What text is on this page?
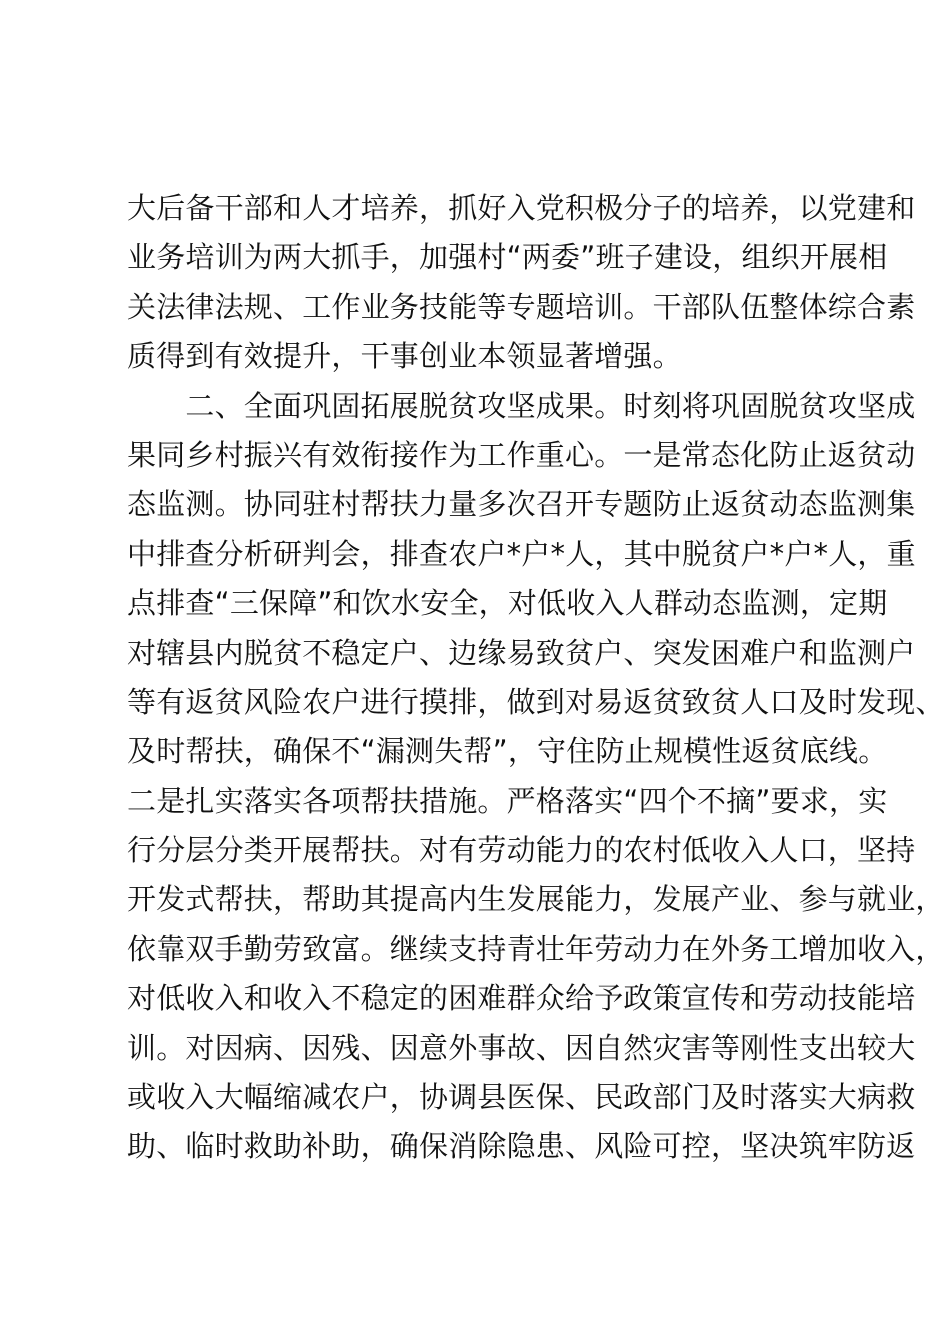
大后备干部和人才培养，抓好入党积极分子的培养，以党建和
业务培训为两大抓手，加强村“两委”班子建设，组织开展相
关法律法规、工作业务技能等专题培训。干部队伍整体综合素
质得到有效提升，干事创业本领显著增强。
　　二、全面巩固拓展脱贫攻坚成果。时刻将巩固脱贫攻坚成
果同乡村振兴有效衔接作为工作重心。一是常态化防止返贫动
态监测。协同驻村帮扶力量多次召开专题防止返贫动态监测集
中排查分析研判会，排查农户*户*人，其中脱贫户*户*人，重
点排查“三保障”和饮水安全，对低收入人群动态监测，定期
对辖县内脱贫不稳定户、边缘易致贫户、突发困难户和监测户
等有返贫风险农户进行摸排，做到对易返贫致贫人口及时发现、
及时帮扶，确保不“漏测失帮”，守住防止规模性返贫底线。
二是扎实落实各项帮扶措施。严格落实“四个不摘”要求，实
行分层分类开展帮扶。对有劳动能力的农村低收入人口，坚持
开发式帮扶，帮助其提高内生发展能力，发展产业、参与就业，
依靠双手勤劳致富。继续支持青壮年劳动力在外务工增加收入，
对低收入和收入不稳定的困难群众给予政策宣传和劳动技能培
训。对因病、因残、因意外事故、因自然灾害等刚性支出较大
或收入大幅缩减农户，协调县医保、民政部门及时落实大病救
助、临时救助补助，确保消除隐患、风险可控，坚决筑牢防返
